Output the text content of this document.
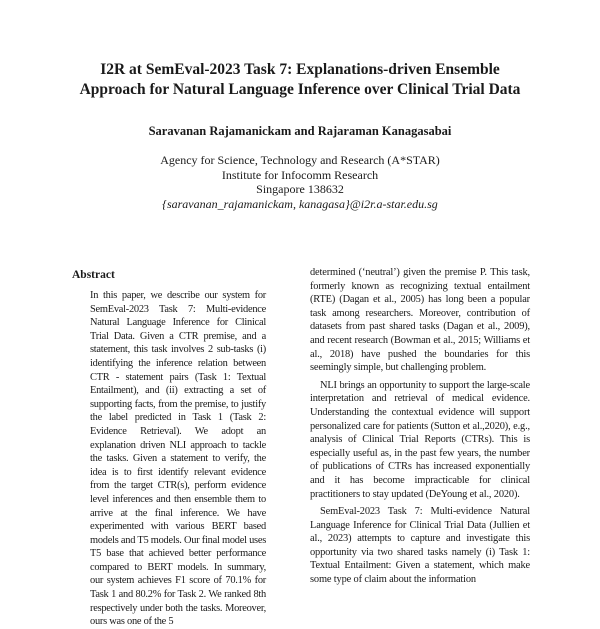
I2R at SemEval-2023 Task 7: Explanations-driven Ensemble
Approach for Natural Language Inference over Clinical Trial Data
Saravanan Rajamanickam and Rajaraman Kanagasabai
Agency for Science, Technology and Research (A*STAR)
Institute for Infocomm Research
Singapore 138632
{saravanan_rajamanickam, kanagasa}@i2r.a-star.edu.sg
Abstract
In this paper, we describe our system for SemEval-2023 Task 7: Multi-evidence Natural Language Inference for Clinical Trial Data. Given a CTR premise, and a statement, this task involves 2 sub-tasks (i) identifying the inference relation between CTR - statement pairs (Task 1: Textual Entailment), and (ii) extracting a set of supporting facts, from the premise, to justify the label predicted in Task 1 (Task 2: Evidence Retrieval). We adopt an explanation driven NLI approach to tackle the tasks. Given a statement to verify, the idea is to first identify relevant evidence from the target CTR(s), perform evidence level inferences and then ensemble them to arrive at the final inference. We have experimented with various BERT based models and T5 models. Our final model uses T5 base that achieved better performance compared to BERT models. In summary, our system achieves F1 score of 70.1% for Task 1 and 80.2% for Task 2. We ranked 8th respectively under both the tasks. Moreover, ours was one of the 5

determined (‘neutral’) given the premise P. This task, formerly known as recognizing textual entailment (RTE) (Dagan et al., 2005) has long been a popular task among researchers. Moreover, contribution of datasets from past shared tasks (Dagan et al., 2009), and recent research (Bowman et al., 2015; Williams et al., 2018) have pushed the boundaries for this seemingly simple, but challenging problem.

NLI brings an opportunity to support the large-scale interpretation and retrieval of medical evidence. Understanding the contextual evidence will support personalized care for patients (Sutton et al.,2020), e.g., analysis of Clinical Trial Reports (CTRs). This is especially useful as, in the past few years, the number of publications of CTRs has increased exponentially and it has become impracticable for clinical practitioners to stay updated (DeYoung et al., 2020).

SemEval-2023 Task 7: Multi-evidence Natural Language Inference for Clinical Trial Data (Jullien et al., 2023) attempts to capture and investigate this opportunity via two shared tasks namely (i) Task 1: Textual Entailment: Given a statement, which make some type of claim about the information
